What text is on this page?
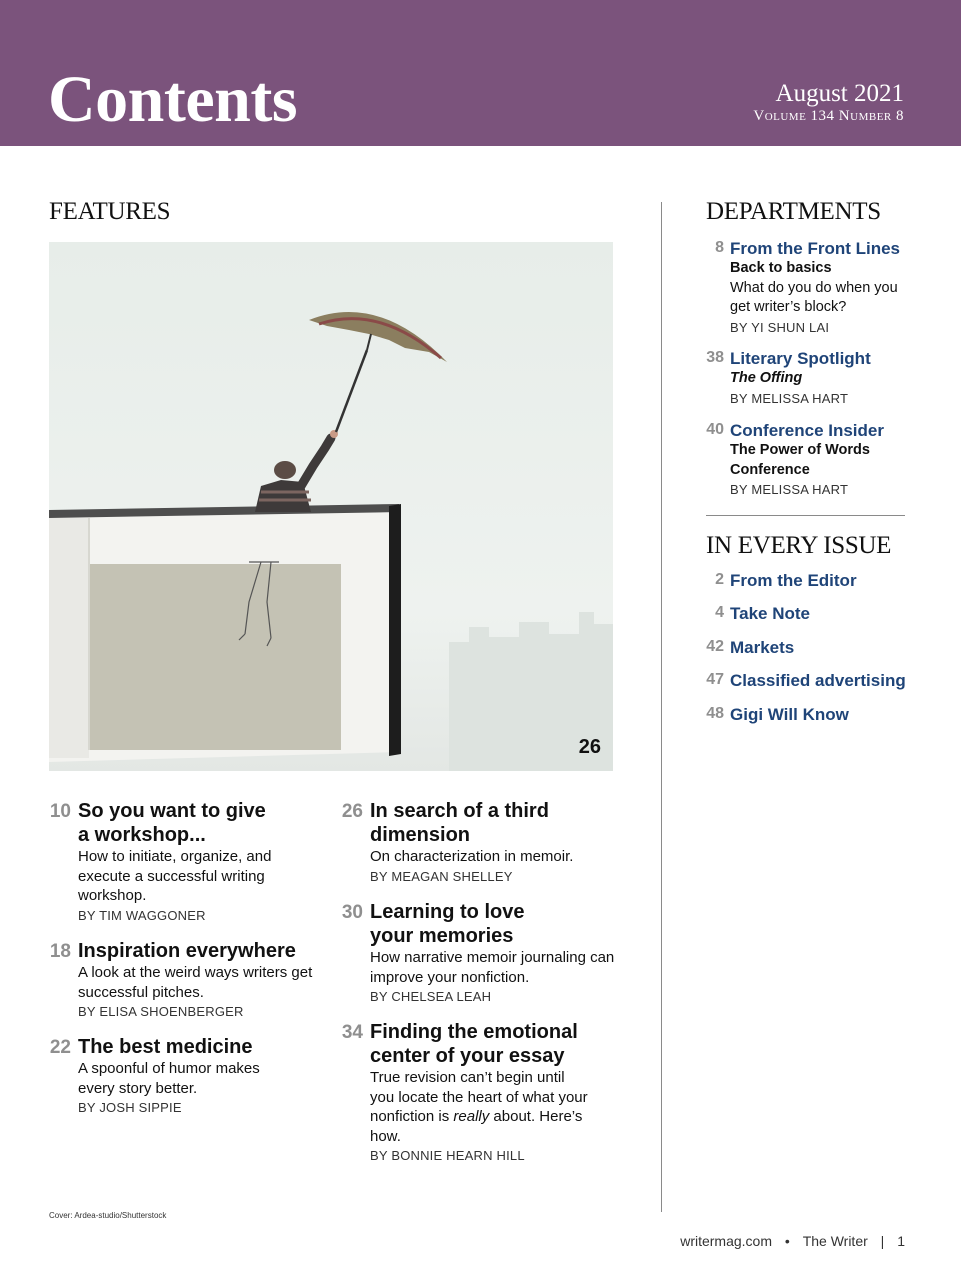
Contents	August 2021
Volume 134 Number 8
FEATURES	DEPARTMENTS
IN EVERY ISSUE
26
10 So you want to give a workshop...
How to initiate, organize, and execute a successful writing workshop.
BY TIM WAGGONER
18 Inspiration everywhere
A look at the weird ways writers get successful pitches.
BY ELISA SHOENBERGER
22 The best medicine
A spoonful of humor makes every story better.
BY JOSH SIPPIE
26 In search of a third dimension
On characterization in memoir.
BY MEAGAN SHELLEY
30 Learning to love your memories
How narrative memoir journaling can improve your nonfiction.
BY CHELSEA LEAH
34 Finding the emotional center of your essay
True revision can’t begin until you locate the heart of what your nonfiction is really about. Here’s how.
BY BONNIE HEARN HILL
8 From the Front Lines
Back to basics
What do you do when you get writer’s block?
BY YI SHUN LAI
38 Literary Spotlight
The Offing
BY MELISSA HART
40 Conference Insider
The Power of Words Conference
BY MELISSA HART
2 From the Editor
4 Take Note
42 Markets
47 Classified advertising
48 Gigi Will Know
Cover: Ardea-studio/Shutterstock
writermag.com • The Writer | 1
